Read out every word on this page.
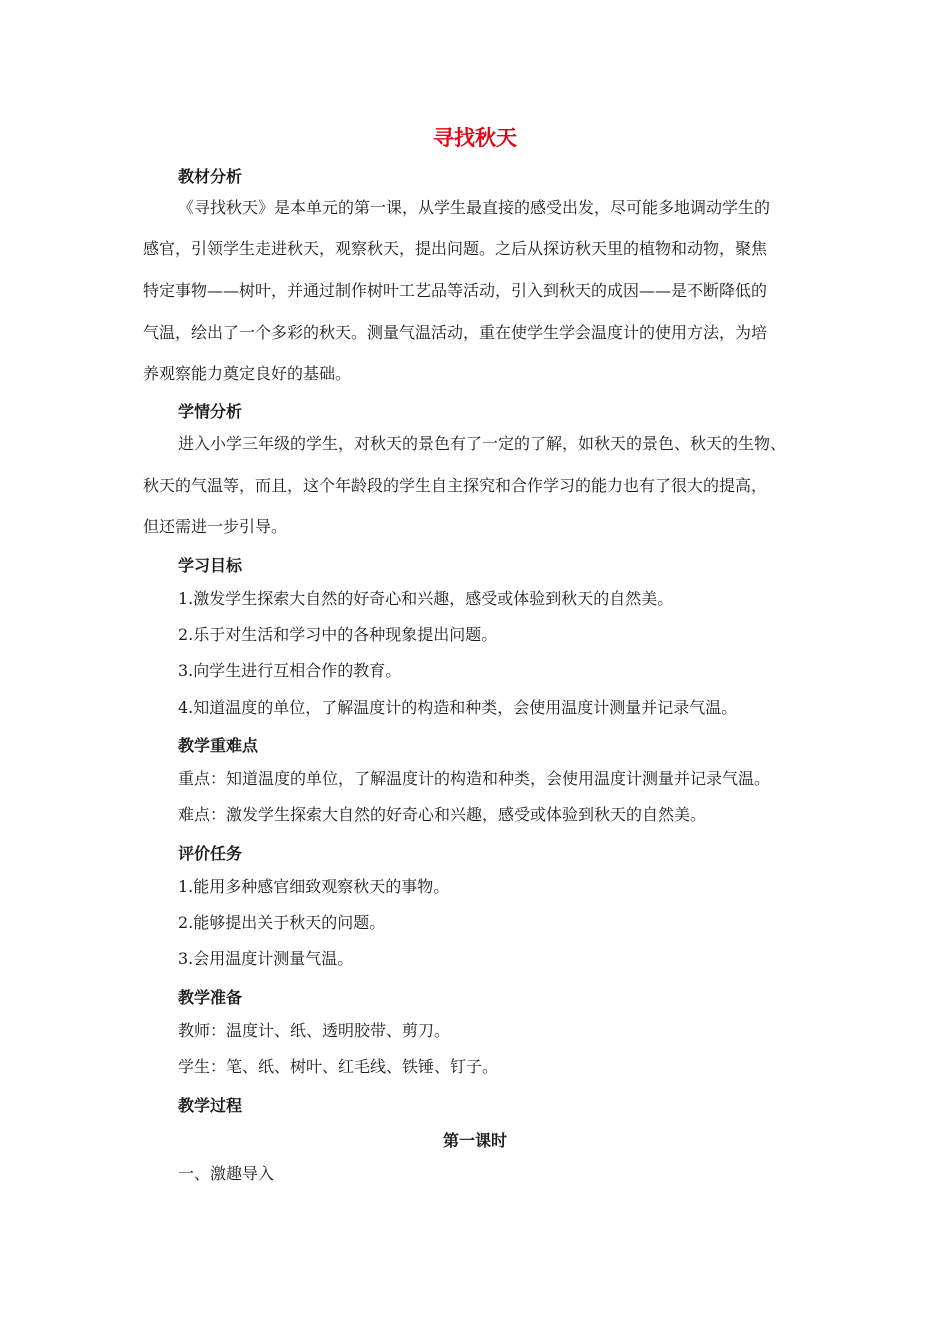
寻找秋天
教材分析
《寻找秋天》是本单元的第一课，从学生最直接的感受出发，尽可能多地调动学生的
感官，引领学生走进秋天，观察秋天，提出问题。之后从探访秋天里的植物和动物，聚焦
特定事物——树叶，并通过制作树叶工艺品等活动，引入到秋天的成因——是不断降低的
气温，绘出了一个多彩的秋天。测量气温活动，重在使学生学会温度计的使用方法，为培
养观察能力奠定良好的基础。
学情分析
进入小学三年级的学生，对秋天的景色有了一定的了解，如秋天的景色、秋天的生物、
秋天的气温等，而且，这个年龄段的学生自主探究和合作学习的能力也有了很大的提高，
但还需进一步引导。
学习目标
1.激发学生探索大自然的好奇心和兴趣，感受或体验到秋天的自然美。
2.乐于对生活和学习中的各种现象提出问题。
3.向学生进行互相合作的教育。
4.知道温度的单位，了解温度计的构造和种类，会使用温度计测量并记录气温。
教学重难点
重点：知道温度的单位，了解温度计的构造和种类，会使用温度计测量并记录气温。
难点：激发学生探索大自然的好奇心和兴趣，感受或体验到秋天的自然美。
评价任务
1.能用多种感官细致观察秋天的事物。
2.能够提出关于秋天的问题。
3.会用温度计测量气温。
教学准备
教师：温度计、纸、透明胶带、剪刀。
学生：笔、纸、树叶、红毛线、铁锤、钉子。
教学过程
第一课时
一、激趣导入
